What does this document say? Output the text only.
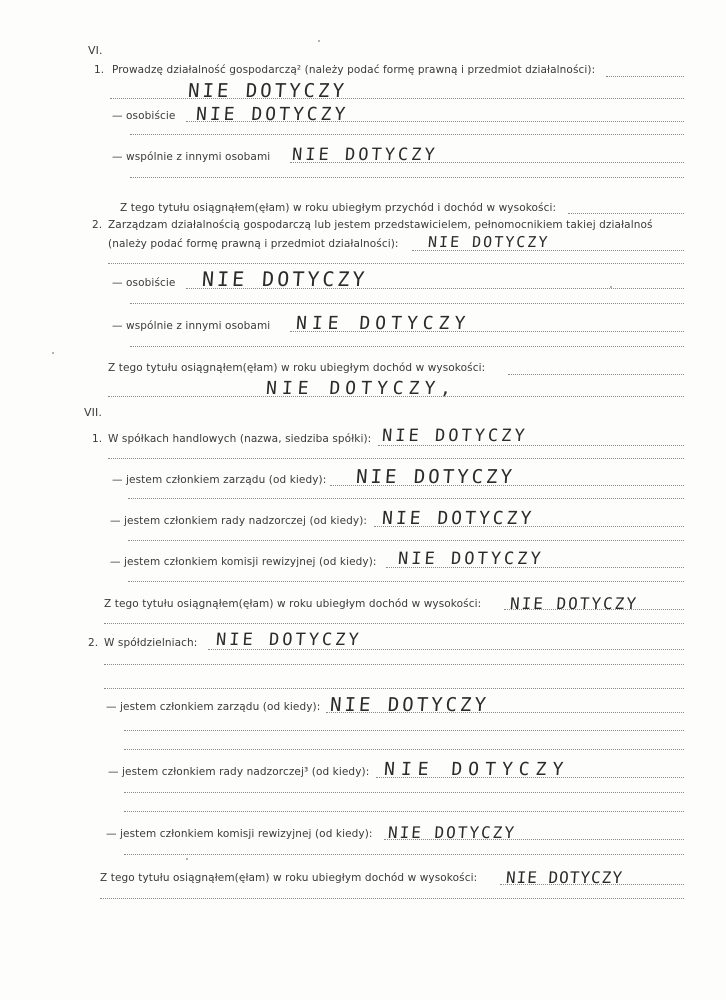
VI.
1. Prowadzę działalność gospodarczą² (należy podać formę prawną i przedmiot działalności):
NIE DOTYCZY
— osobiście NIE DOTYCZY
— wspólnie z innymi osobami NIE DOTYCZY
Z tego tytułu osiągnąłem(ęłam) w roku ubiegłym przychód i dochód w wysokości:
2. Zarządzam działalnością gospodarczą lub jestem przedstawicielem, pełnomocnikiem takiej działalnoś
(należy podać formę prawną i przedmiot działalności): NIE DOTYCZY
— osobiście NIE DOTYCZY
— wspólnie z innymi osobami NIE DOTYCZY
Z tego tytułu osiągnąłem(ęłam) w roku ubiegłym dochód w wysokości:
NIE DOTYCZY,
VII.
1. W spółkach handlowych (nazwa, siedziba spółki): NIE DOTYCZY
— jestem członkiem zarządu (od kiedy): NIE DOTYCZY
— jestem członkiem rady nadzorczej (od kiedy): NIE DOTYCZY
— jestem członkiem komisji rewizyjnej (od kiedy): NIE DOTYCZY
Z tego tytułu osiągnąłem(ęłam) w roku ubiegłym dochód w wysokości: NIE DOTYCZY
2. W spółdzielniach: NIE DOTYCZY
— jestem członkiem zarządu (od kiedy): NIE DOTYCZY
— jestem członkiem rady nadzorczej³ (od kiedy): NIE DOTYCZY
— jestem członkiem komisji rewizyjnej (od kiedy): NIE DOTYCZY
Z tego tytułu osiągnąłem(ęłam) w roku ubiegłym dochód w wysokości: NIE DOTYCZY
